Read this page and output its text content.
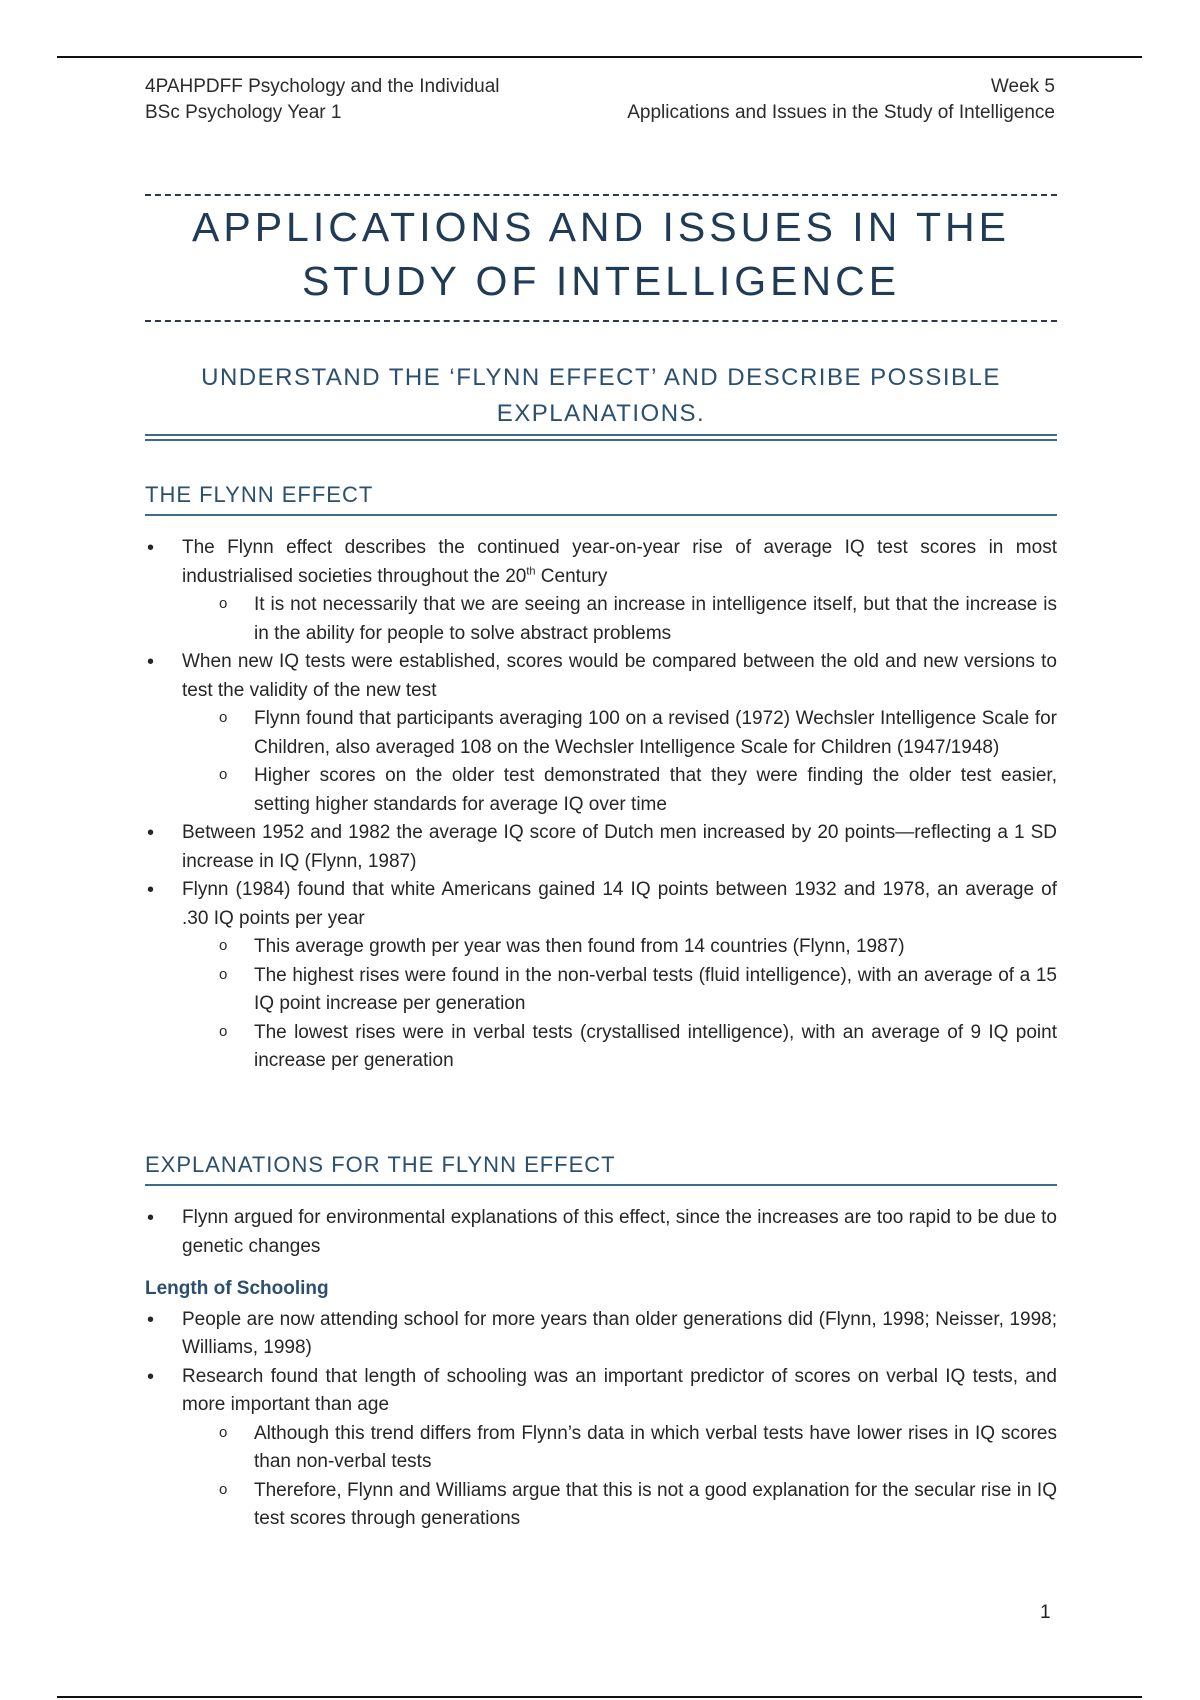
4PAHPDFF Psychology and the Individual
BSc Psychology Year 1
Week 5
Applications and Issues in the Study of Intelligence
APPLICATIONS AND ISSUES IN THE
STUDY OF INTELLIGENCE
UNDERSTAND THE ‘FLYNN EFFECT’ AND DESCRIBE POSSIBLE
EXPLANATIONS.
THE FLYNN EFFECT
• The Flynn effect describes the continued year-on-year rise of average IQ test scores in most industrialised societies throughout the 20th Century
o It is not necessarily that we are seeing an increase in intelligence itself, but that the increase is in the ability for people to solve abstract problems
• When new IQ tests were established, scores would be compared between the old and new versions to test the validity of the new test
o Flynn found that participants averaging 100 on a revised (1972) Wechsler Intelligence Scale for Children, also averaged 108 on the Wechsler Intelligence Scale for Children (1947/1948)
o Higher scores on the older test demonstrated that they were finding the older test easier, setting higher standards for average IQ over time
• Between 1952 and 1982 the average IQ score of Dutch men increased by 20 points—reflecting a 1 SD increase in IQ (Flynn, 1987)
• Flynn (1984) found that white Americans gained 14 IQ points between 1932 and 1978, an average of .30 IQ points per year
o This average growth per year was then found from 14 countries (Flynn, 1987)
o The highest rises were found in the non-verbal tests (fluid intelligence), with an average of a 15 IQ point increase per generation
o The lowest rises were in verbal tests (crystallised intelligence), with an average of 9 IQ point increase per generation
EXPLANATIONS FOR THE FLYNN EFFECT
• Flynn argued for environmental explanations of this effect, since the increases are too rapid to be due to genetic changes
Length of Schooling
• People are now attending school for more years than older generations did (Flynn, 1998; Neisser, 1998; Williams, 1998)
• Research found that length of schooling was an important predictor of scores on verbal IQ tests, and more important than age
o Although this trend differs from Flynn’s data in which verbal tests have lower rises in IQ scores than non-verbal tests
o Therefore, Flynn and Williams argue that this is not a good explanation for the secular rise in IQ test scores through generations
1
